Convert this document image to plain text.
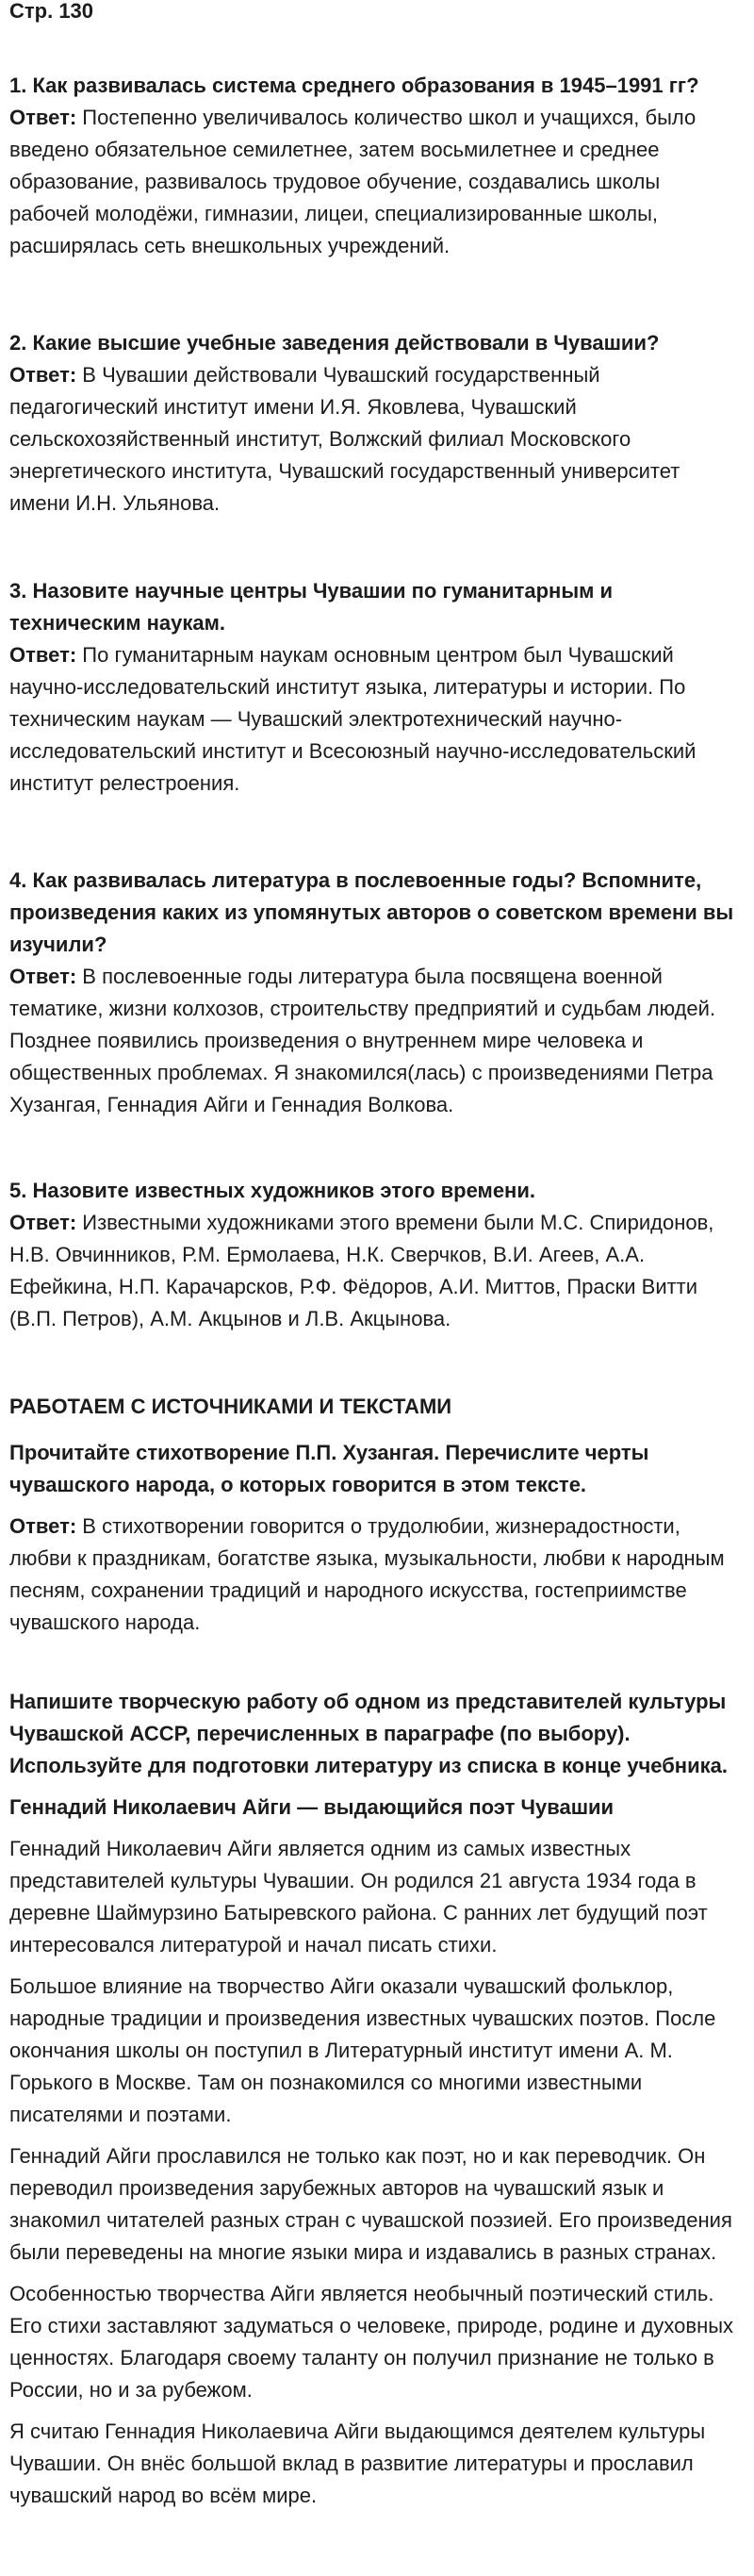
Стр. 130

1. Как развивалась система среднего образования в 1945–1991 гг?

Ответ: Постепенно увеличивалось количество школ и учащихся, было введено обязательное семилетнее, затем восьмилетнее и среднее образование, развивалось трудовое обучение, создавались школы рабочей молодёжи, гимназии, лицеи, специализированные школы, расширялась сеть внешкольных учреждений.

2. Какие высшие учебные заведения действовали в Чувашии?

Ответ: В Чувашии действовали Чувашский государственный педагогический институт имени И.Я. Яковлева, Чувашский сельскохозяйственный институт, Волжский филиал Московского энергетического института, Чувашский государственный университет имени И.Н. Ульянова.

3. Назовите научные центры Чувашии по гуманитарным и техническим наукам.

Ответ: По гуманитарным наукам основным центром был Чувашский научно-исследовательский институт языка, литературы и истории. По техническим наукам — Чувашский электротехнический научно-исследовательский институт и Всесоюзный научно-исследовательский институт релестроения.

4. Как развивалась литература в послевоенные годы? Вспомните, произведения каких из упомянутых авторов о советском времени вы изучили?

Ответ: В послевоенные годы литература была посвящена военной тематике, жизни колхозов, строительству предприятий и судьбам людей. Позднее появились произведения о внутреннем мире человека и общественных проблемах. Я знакомился(лась) с произведениями Петра Хузангая, Геннадия Айги и Геннадия Волкова.

5. Назовите известных художников этого времени.

Ответ: Известными художниками этого времени были М.С. Спиридонов, Н.В. Овчинников, Р.М. Ермолаева, Н.К. Сверчков, В.И. Агеев, А.А. Ефейкина, Н.П. Карачарсков, Р.Ф. Фёдоров, А.И. Миттов, Праски Витти (В.П. Петров), А.М. Акцынов и Л.В. Акцынова.

РАБОТАЕМ С ИСТОЧНИКАМИ И ТЕКСТАМИ

Прочитайте стихотворение П.П. Хузангая. Перечислите черты чувашского народа, о которых говорится в этом тексте.

Ответ: В стихотворении говорится о трудолюбии, жизнерадостности, любви к праздникам, богатстве языка, музыкальности, любви к народным песням, сохранении традиций и народного искусства, гостеприимстве чувашского народа.

Напишите творческую работу об одном из представителей культуры Чувашской АССР, перечисленных в параграфе (по выбору). Используйте для подготовки литературу из списка в конце учебника.

Геннадий Николаевич Айги — выдающийся поэт Чувашии

Геннадий Николаевич Айги является одним из самых известных представителей культуры Чувашии. Он родился 21 августа 1934 года в деревне Шаймурзино Батыревского района. С ранних лет будущий поэт интересовался литературой и начал писать стихи.

Большое влияние на творчество Айги оказали чувашский фольклор, народные традиции и произведения известных чувашских поэтов. После окончания школы он поступил в Литературный институт имени А. М. Горького в Москве. Там он познакомился со многими известными писателями и поэтами.

Геннадий Айги прославился не только как поэт, но и как переводчик. Он переводил произведения зарубежных авторов на чувашский язык и знакомил читателей разных стран с чувашской поэзией. Его произведения были переведены на многие языки мира и издавались в разных странах.

Особенностью творчества Айги является необычный поэтический стиль. Его стихи заставляют задуматься о человеке, природе, родине и духовных ценностях. Благодаря своему таланту он получил признание не только в России, но и за рубежом.

Я считаю Геннадия Николаевича Айги выдающимся деятелем культуры Чувашии. Он внёс большой вклад в развитие литературы и прославил чувашский народ во всём мире.
